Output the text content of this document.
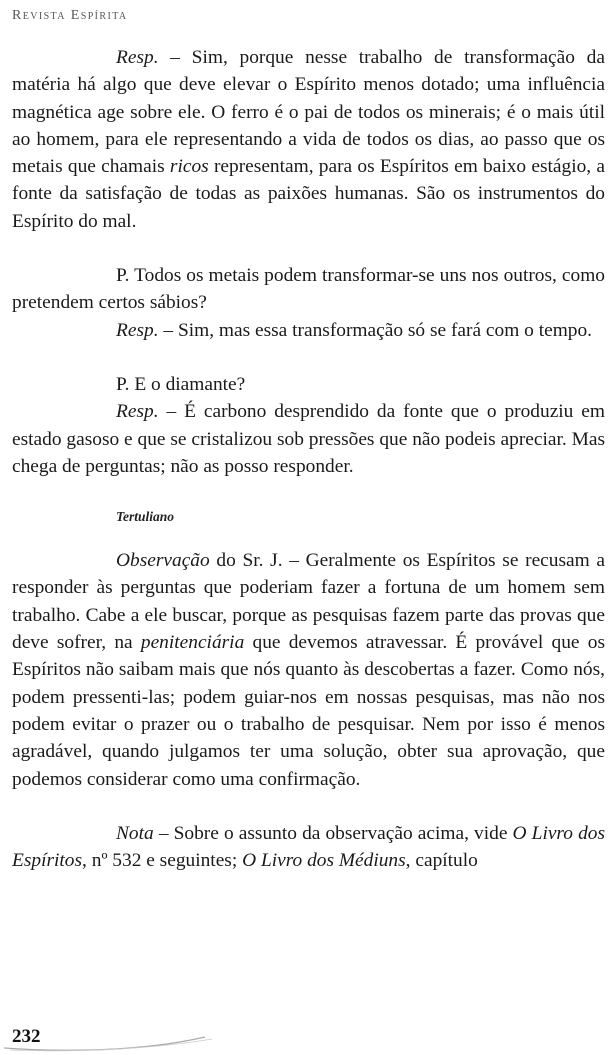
Revista Espírita

Resp. – Sim, porque nesse trabalho de transformação da matéria há algo que deve elevar o Espírito menos dotado; uma influência magnética age sobre ele. O ferro é o pai de todos os minerais; é o mais útil ao homem, para ele representando a vida de todos os dias, ao passo que os metais que chamais ricos representam, para os Espíritos em baixo estágio, a fonte da satisfação de todas as paixões humanas. São os instrumentos do Espírito do mal.

P. Todos os metais podem transformar-se uns nos outros, como pretendem certos sábios?

Resp. – Sim, mas essa transformação só se fará com o tempo.

P. E o diamante?

Resp. – É carbono desprendido da fonte que o produziu em estado gasoso e que se cristalizou sob pressões que não podeis apreciar. Mas chega de perguntas; não as posso responder.

Tertuliano

Observação do Sr. J. – Geralmente os Espíritos se recusam a responder às perguntas que poderiam fazer a fortuna de um homem sem trabalho. Cabe a ele buscar, porque as pesquisas fazem parte das provas que deve sofrer, na penitenciária que devemos atravessar. É provável que os Espíritos não saibam mais que nós quanto às descobertas a fazer. Como nós, podem pressenti-las; podem guiar-nos em nossas pesquisas, mas não nos podem evitar o prazer ou o trabalho de pesquisar. Nem por isso é menos agradável, quando julgamos ter uma solução, obter sua aprovação, que podemos considerar como uma confirmação.

Nota – Sobre o assunto da observação acima, vide O Livro dos Espíritos, nº 532 e seguintes; O Livro dos Médiuns, capítulo

232
